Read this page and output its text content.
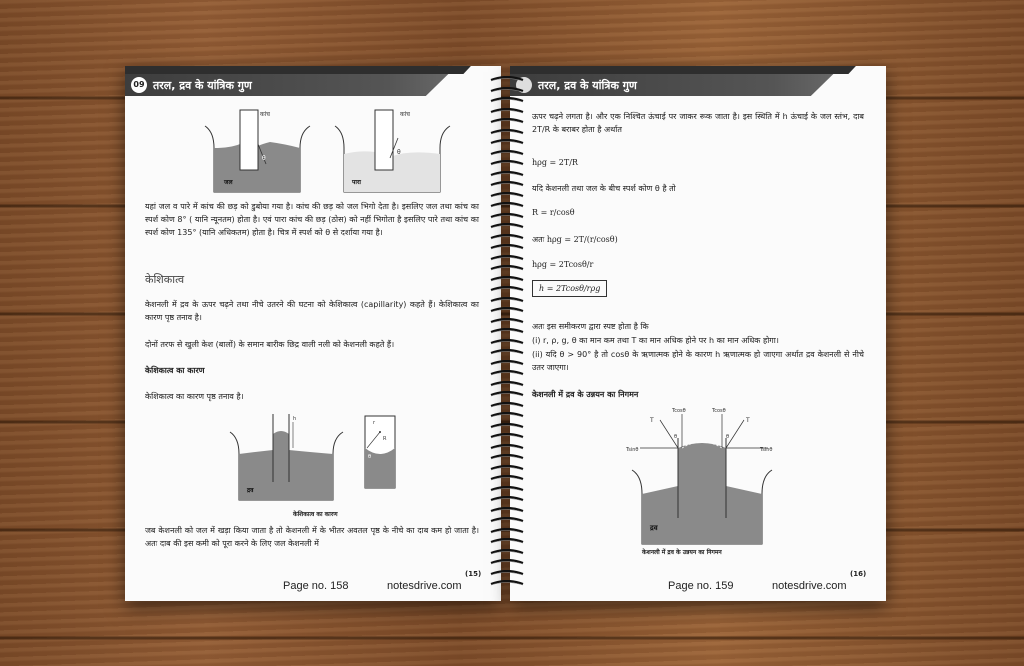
09 तरल, द्रव के यांत्रिक गुण
कांच
θ
जल
कांच
θ
पारा
यहां जल व पारे में कांच की छड़ को डुबोया गया है। कांच की छड़ को जल भिगो देता है। इसलिए जल तथा कांच का स्पर्श कोण 8° ( यानि न्यूनतम) होता है। एवं पारा कांच की छड़ (ठोस) को नहीं भिगोता है इसलिए पारे तथा कांच का स्पर्श कोण 135° (यानि अधिकतम) होता है। चित्र में स्पर्श को θ से दर्शाया गया है।
केशिकात्व
केशनली में द्रव के ऊपर चढ़ने तथा नीचे उतरने की घटना को केशिकात्व (capillarity) कहते हैं। केशिकात्व का कारण पृष्ठ तनाव है।
दोनों तरफ से खुली केश (बालों) के समान बारीक छिद्र वाली नली को केशनली कहते हैं।
केशिकात्व का कारण
केशिकात्व का कारण पृष्ठ तनाव है।
h
द्रव
r
R
θ
केशिकात्व का कारण
जब केशनली को जल में खड़ा किया जाता है तो केशनली में के भीतर अवतल पृष्ठ के नीचे का दाब कम हो जाता है। अतः दाब की इस कमी को पूरा करने के लिए जल केशनली में
(15)
Page no. 158	notesdrive.com
तरल, द्रव के यांत्रिक गुण
ऊपर चढ़ने लगता है। और एक निश्चित ऊंचाई पर जाकर रूक जाता है। इस स्थिति में h ऊंचाई के जल स्तंभ, दाब 2T/R के बराबर होता है अर्थात
hρg = 2T/R
यदि केशनली तथा जल के बीच स्पर्श कोण θ है तो
R = r/cosθ
अतः hρg = 2T/(r/cosθ)
hρg = 2Tcosθ/r
h = 2Tcosθ/rρg
अतः इस समीकरण द्वारा स्पष्ट होता है कि
(i) r, ρ, g, θ का मान कम तथा T का मान अधिक होने पर h का मान अधिक होगा।
(ii) यदि θ > 90° है तो cosθ के ऋणात्मक होने के कारण h ऋणात्मक हो जाएगा अर्थात द्रव केशनली से नीचे उतर जाएगा।
केशनली में द्रव के उन्नयन का निगमन
T	T
Tcosθ	Tcosθ
Tsinθ	Tsinθ
θ	θ
द्रव
केशनली में द्रव के उन्नयन का निगमन
(16)
Page no. 159	notesdrive.com
